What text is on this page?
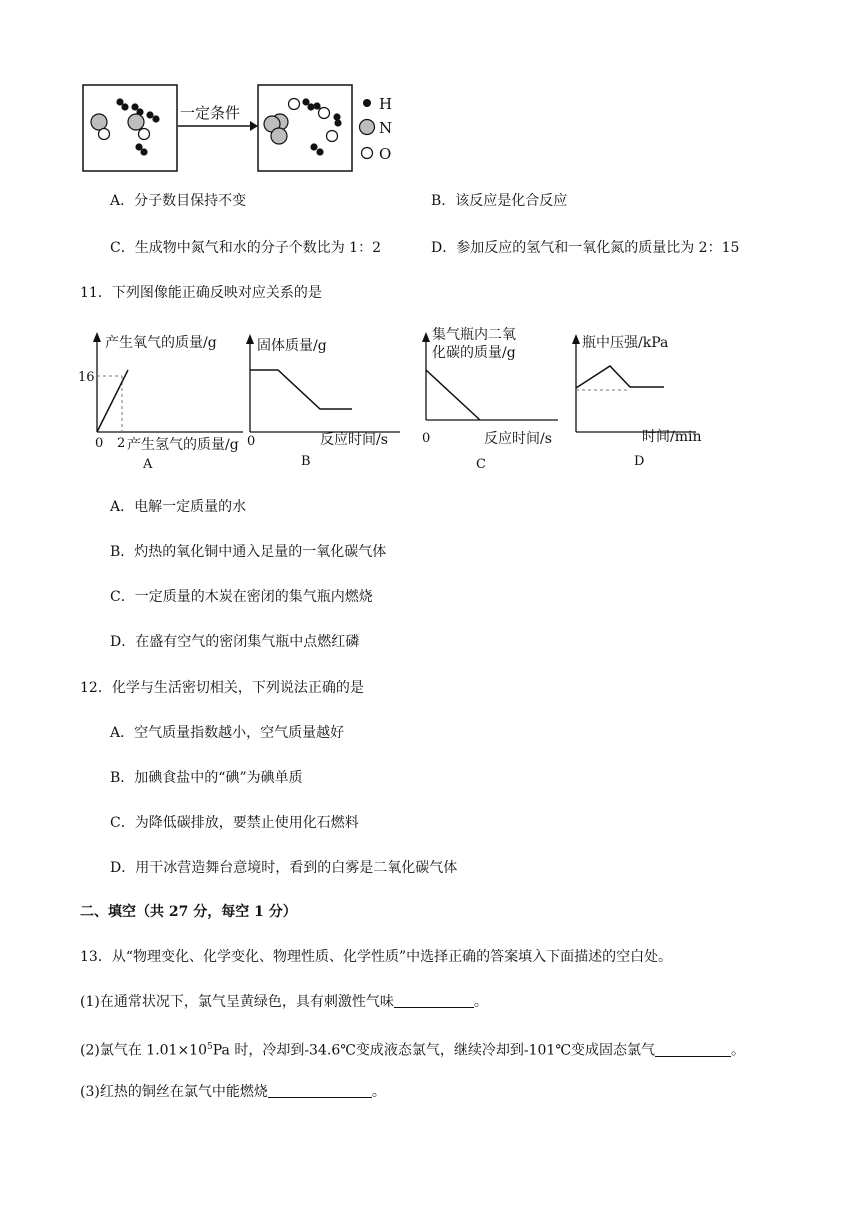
一定条件	H
N
O
A．分子数目保持不变	B．该反应是化合反应
C．生成物中氮气和水的分子个数比为 1：2	D．参加反应的氢气和一氧化氮的质量比为 2：15
11．下列图像能正确反映对应关系的是
产生氧气的质量/g
16
0 2 产生氢气的质量/g
A
固体质量/g
0	反应时间/s
B
集气瓶内二氧
化碳的质量/g
0	反应时间/s
C
瓶中压强/kPa
时间/min
D
A．电解一定质量的水
B．灼热的氧化铜中通入足量的一氧化碳气体
C．一定质量的木炭在密闭的集气瓶内燃烧
D．在盛有空气的密闭集气瓶中点燃红磷
12．化学与生活密切相关，下列说法正确的是
A．空气质量指数越小，空气质量越好
B．加碘食盐中的“碘”为碘单质
C．为降低碳排放，要禁止使用化石燃料
D．用干冰营造舞台意境时，看到的白雾是二氧化碳气体
二、填空（共 27 分，每空 1 分）
13．从“物理变化、化学变化、物理性质、化学性质”中选择正确的答案填入下面描述的空白处。
(1)在通常状况下，氯气呈黄绿色，具有刺激性气味	。
(2)氯气在 $1.01\times 10^5Pa$ 时，冷却到-34.6℃变成液态氯气，继续冷却到-101℃变成固态氯气	。
(3)红热的铜丝在氯气中能燃烧	。
